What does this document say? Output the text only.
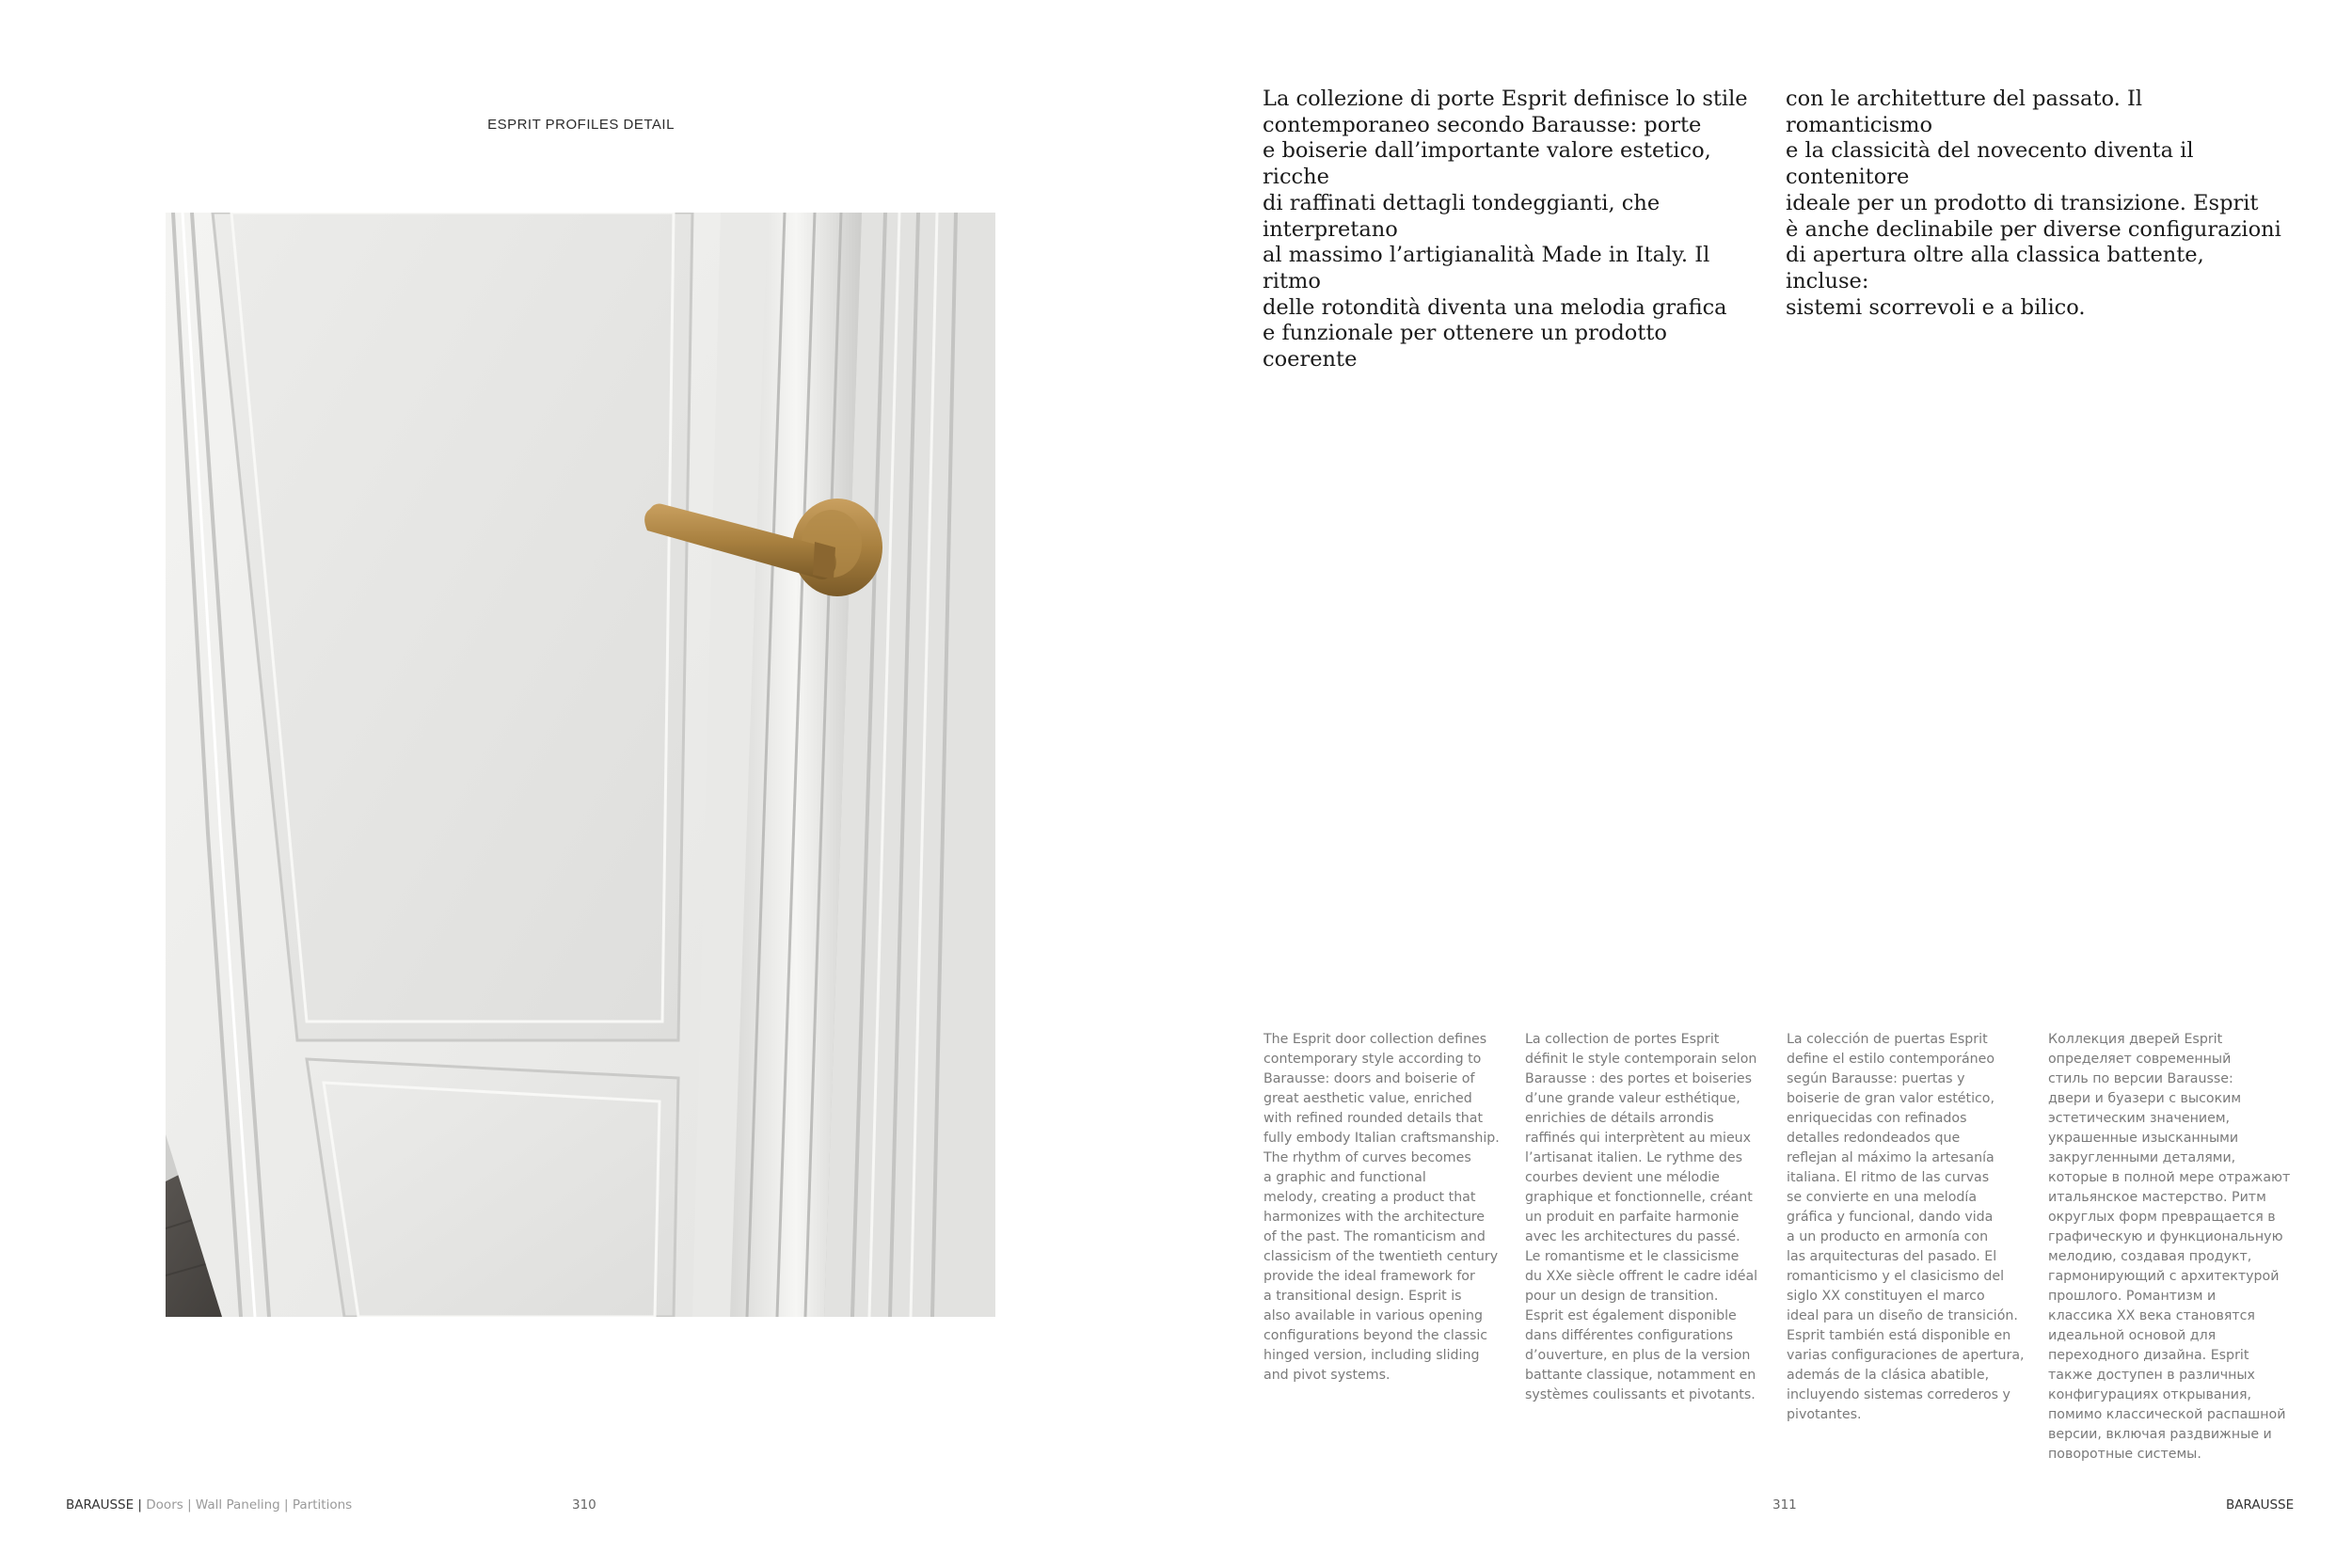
ESPRIT PROFILES DETAIL
BARAUSSE | Doors | Wall Paneling | Partitions	310
La collezione di porte Esprit definisce lo stile
contemporaneo secondo Barausse: porte
e boiserie dall’importante valore estetico, ricche
di raffinati dettagli tondeggianti, che interpretano
al massimo l’artigianalità Made in Italy. Il ritmo
delle rotondità diventa una melodia grafica
e funzionale per ottenere un prodotto coerente
con le architetture del passato. Il romanticismo
e la classicità del novecento diventa il contenitore
ideale per un prodotto di transizione. Esprit
è anche declinabile per diverse configurazioni
di apertura oltre alla classica battente, incluse:
sistemi scorrevoli e a bilico.
The Esprit door collection defines
contemporary style according to
Barausse: doors and boiserie of
great aesthetic value, enriched
with refined rounded details that
fully embody Italian craftsmanship.
The rhythm of curves becomes
a graphic and functional
melody, creating a product that
harmonizes with the architecture
of the past. The romanticism and
classicism of the twentieth century
provide the ideal framework for
a transitional design. Esprit is
also available in various opening
configurations beyond the classic
hinged version, including sliding
and pivot systems.
La collection de portes Esprit
définit le style contemporain selon
Barausse : des portes et boiseries
d’une grande valeur esthétique,
enrichies de détails arrondis
raffinés qui interprètent au mieux
l’artisanat italien. Le rythme des
courbes devient une mélodie
graphique et fonctionnelle, créant
un produit en parfaite harmonie
avec les architectures du passé.
Le romantisme et le classicisme
du XXe siècle offrent le cadre idéal
pour un design de transition.
Esprit est également disponible
dans différentes configurations
d’ouverture, en plus de la version
battante classique, notamment en
systèmes coulissants et pivotants.
La colección de puertas Esprit
define el estilo contemporáneo
según Barausse: puertas y
boiserie de gran valor estético,
enriquecidas con refinados
detalles redondeados que
reflejan al máximo la artesanía
italiana. El ritmo de las curvas
se convierte en una melodía
gráfica y funcional, dando vida
a un producto en armonía con
las arquitecturas del pasado. El
romanticismo y el clasicismo del
siglo XX constituyen el marco
ideal para un diseño de transición.
Esprit también está disponible en
varias configuraciones de apertura,
además de la clásica abatible,
incluyendo sistemas correderos y
pivotantes.
Коллекция дверей Esprit
определяет современный
стиль по версии Barausse:
двери и буазери с высоким
эстетическим значением,
украшенные изысканными
закругленными деталями,
которые в полной мере отражают
итальянское мастерство. Ритм
округлых форм превращается в
графическую и функциональную
мелодию, создавая продукт,
гармонирующий с архитектурой
прошлого. Романтизм и
классика XX века становятся
идеальной основой для
переходного дизайна. Esprit
также доступен в различных
конфигурациях открывания,
помимо классической распашной
версии, включая раздвижные и
поворотные системы.
311	BARAUSSE
